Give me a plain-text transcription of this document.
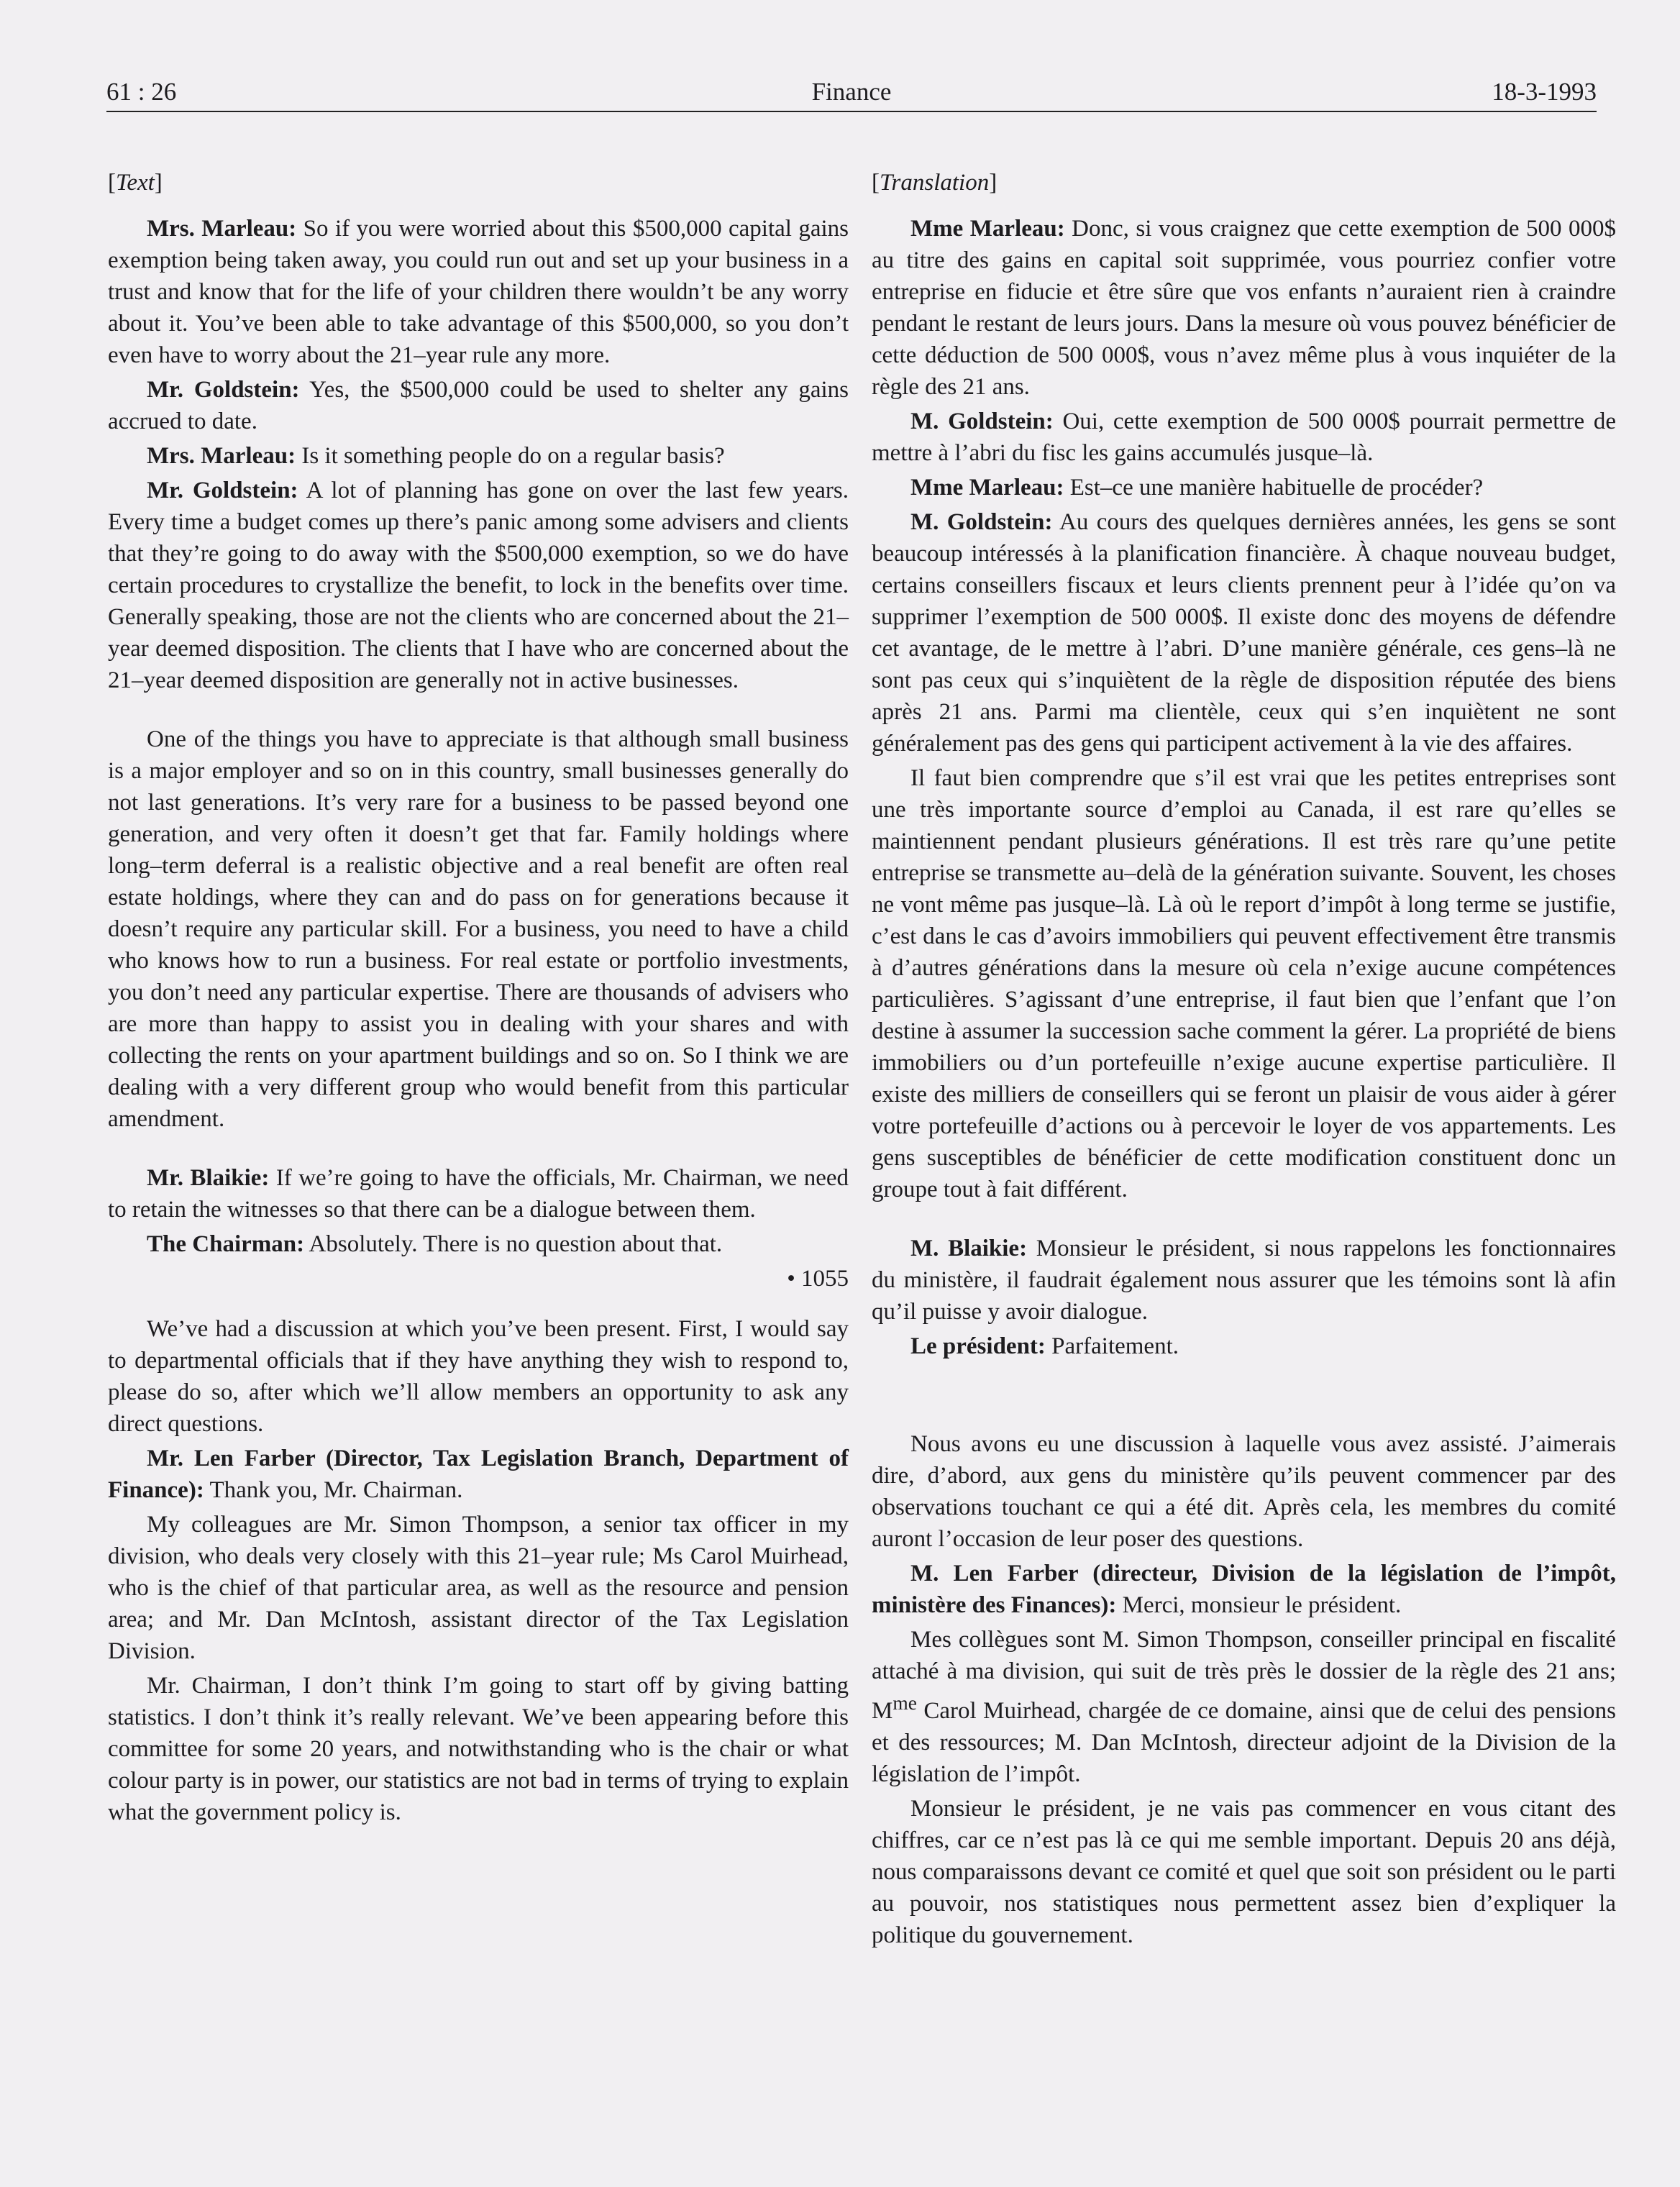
61 : 26	Finance	18-3-1993
[Text]

Mrs. Marleau: So if you were worried about this $500,000 capital gains exemption being taken away, you could run out and set up your business in a trust and know that for the life of your children there wouldn’t be any worry about it. You’ve been able to take advantage of this $500,000, so you don’t even have to worry about the 21–year rule any more.

Mr. Goldstein: Yes, the $500,000 could be used to shelter any gains accrued to date.

Mrs. Marleau: Is it something people do on a regular basis?

Mr. Goldstein: A lot of planning has gone on over the last few years. Every time a budget comes up there’s panic among some advisers and clients that they’re going to do away with the $500,000 exemption, so we do have certain procedures to crystallize the benefit, to lock in the benefits over time. Generally speaking, those are not the clients who are concerned about the 21–year deemed disposition. The clients that I have who are concerned about the 21–year deemed disposition are generally not in active businesses.

One of the things you have to appreciate is that although small business is a major employer and so on in this country, small businesses generally do not last generations. It’s very rare for a business to be passed beyond one generation, and very often it doesn’t get that far. Family holdings where long–term deferral is a realistic objective and a real benefit are often real estate holdings, where they can and do pass on for generations because it doesn’t require any particular skill. For a business, you need to have a child who knows how to run a business. For real estate or portfolio investments, you don’t need any particular expertise. There are thousands of advisers who are more than happy to assist you in dealing with your shares and with collecting the rents on your apartment buildings and so on. So I think we are dealing with a very different group who would benefit from this particular amendment.

Mr. Blaikie: If we’re going to have the officials, Mr. Chairman, we need to retain the witnesses so that there can be a dialogue between them.

The Chairman: Absolutely. There is no question about that.

• 1055

We’ve had a discussion at which you’ve been present. First, I would say to departmental officials that if they have anything they wish to respond to, please do so, after which we’ll allow members an opportunity to ask any direct questions.

Mr. Len Farber (Director, Tax Legislation Branch, Department of Finance): Thank you, Mr. Chairman.

My colleagues are Mr. Simon Thompson, a senior tax officer in my division, who deals very closely with this 21–year rule; Ms Carol Muirhead, who is the chief of that particular area, as well as the resource and pension area; and Mr. Dan McIntosh, assistant director of the Tax Legislation Division.

Mr. Chairman, I don’t think I’m going to start off by giving batting statistics. I don’t think it’s really relevant. We’ve been appearing before this committee for some 20 years, and notwithstanding who is the chair or what colour party is in power, our statistics are not bad in terms of trying to explain what the government policy is.

[Translation]

Mme Marleau: Donc, si vous craignez que cette exemption de 500 000$ au titre des gains en capital soit supprimée, vous pourriez confier votre entreprise en fiducie et être sûre que vos enfants n’auraient rien à craindre pendant le restant de leurs jours. Dans la mesure où vous pouvez bénéficier de cette déduction de 500 000$, vous n’avez même plus à vous inquiéter de la règle des 21 ans.

M. Goldstein: Oui, cette exemption de 500 000$ pourrait permettre de mettre à l’abri du fisc les gains accumulés jusque–là.

Mme Marleau: Est–ce une manière habituelle de procéder?

M. Goldstein: Au cours des quelques dernières années, les gens se sont beaucoup intéressés à la planification financière. À chaque nouveau budget, certains conseillers fiscaux et leurs clients prennent peur à l’idée qu’on va supprimer l’exemption de 500 000$. Il existe donc des moyens de défendre cet avantage, de le mettre à l’abri. D’une manière générale, ces gens–là ne sont pas ceux qui s’inquiètent de la règle de disposition réputée des biens après 21 ans. Parmi ma clientèle, ceux qui s’en inquiètent ne sont généralement pas des gens qui participent activement à la vie des affaires.

Il faut bien comprendre que s’il est vrai que les petites entreprises sont une très importante source d’emploi au Canada, il est rare qu’elles se maintiennent pendant plusieurs générations. Il est très rare qu’une petite entreprise se transmette au–delà de la génération suivante. Souvent, les choses ne vont même pas jusque–là. Là où le report d’impôt à long terme se justifie, c’est dans le cas d’avoirs immobiliers qui peuvent effectivement être transmis à d’autres générations dans la mesure où cela n’exige aucune compétences particulières. S’agissant d’une entreprise, il faut bien que l’enfant que l’on destine à assumer la succession sache comment la gérer. La propriété de biens immobiliers ou d’un portefeuille n’exige aucune expertise particulière. Il existe des milliers de conseillers qui se feront un plaisir de vous aider à gérer votre portefeuille d’actions ou à percevoir le loyer de vos appartements. Les gens susceptibles de bénéficier de cette modification constituent donc un groupe tout à fait différent.

M. Blaikie: Monsieur le président, si nous rappelons les fonctionnaires du ministère, il faudrait également nous assurer que les témoins sont là afin qu’il puisse y avoir dialogue.

Le président: Parfaitement.

Nous avons eu une discussion à laquelle vous avez assisté. J’aimerais dire, d’abord, aux gens du ministère qu’ils peuvent commencer par des observations touchant ce qui a été dit. Après cela, les membres du comité auront l’occasion de leur poser des questions.

M. Len Farber (directeur, Division de la législation de l’impôt, ministère des Finances): Merci, monsieur le président.

Mes collègues sont M. Simon Thompson, conseiller principal en fiscalité attaché à ma division, qui suit de très près le dossier de la règle des 21 ans; $M^{me}$ Carol Muirhead, chargée de ce domaine, ainsi que de celui des pensions et des ressources; M. Dan McIntosh, directeur adjoint de la Division de la législation de l’impôt.

Monsieur le président, je ne vais pas commencer en vous citant des chiffres, car ce n’est pas là ce qui me semble important. Depuis 20 ans déjà, nous comparaissons devant ce comité et quel que soit son président ou le parti au pouvoir, nos statistiques nous permettent assez bien d’expliquer la politique du gouvernement.
